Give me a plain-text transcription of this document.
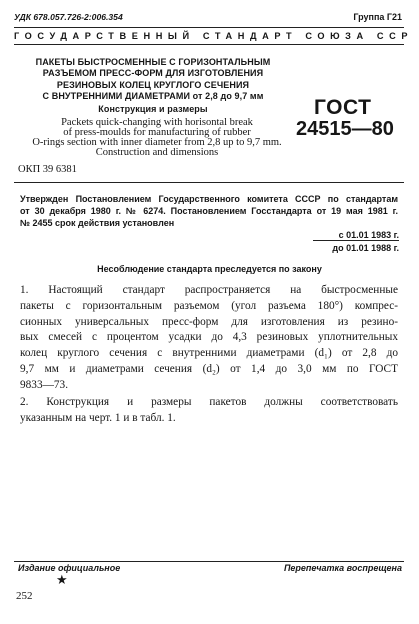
УДК 678.057.726-2:006.354	Группа Г21
ГОСУДАРСТВЕННЫЙ СТАНДАРТ СОЮЗА ССР
ПАКЕТЫ БЫСТРОСМЕННЫЕ С ГОРИЗОНТАЛЬНЫМ
РАЗЪЕМОМ ПРЕСС-ФОРМ ДЛЯ ИЗГОТОВЛЕНИЯ
РЕЗИНОВЫХ КОЛЕЦ КРУГЛОГО СЕЧЕНИЯ
С ВНУТРЕННИМИ ДИАМЕТРАМИ от 2,8 до 9,7 мм
Конструкция и размеры
Packets quick-changing with horisontal break
of press-moulds for manufacturing of rubber
O-rings section with inner diameter from 2,8 up to 9,7 mm.
Construction and dimensions
ОКП 39 6381
ГОСТ
24515—80
Утвержден Постановлением Государственного комитета СССР по стандартам
от 30 декабря 1980 г. № 6274. Постановлением Госстандарта от 19 мая 1981 г.
№ 2455 срок действия установлен
с 01.01 1983 г.
до 01.01 1988 г.
Несоблюдение стандарта преследуется по закону
1. Настоящий стандарт распространяется на быстросменные
пакеты с горизонтальным разъемом (угол разъема 180°) компрес-
сионных универсальных пресс-форм для изготовления из резино-
вых смесей с процентом усадки до 4,3 резиновых уплотнительных
колец круглого сечения с внутренними диаметрами (d₁) от 2,8 до
9,7 мм и диаметрами сечения (d₂) от 1,4 до 3,0 мм по ГОСТ
9833—73.
2. Конструкция и размеры пакетов должны соответствовать
указанным на черт. 1 и в табл. 1.
Издание официальное	Перепечатка воспрещена
★
252
